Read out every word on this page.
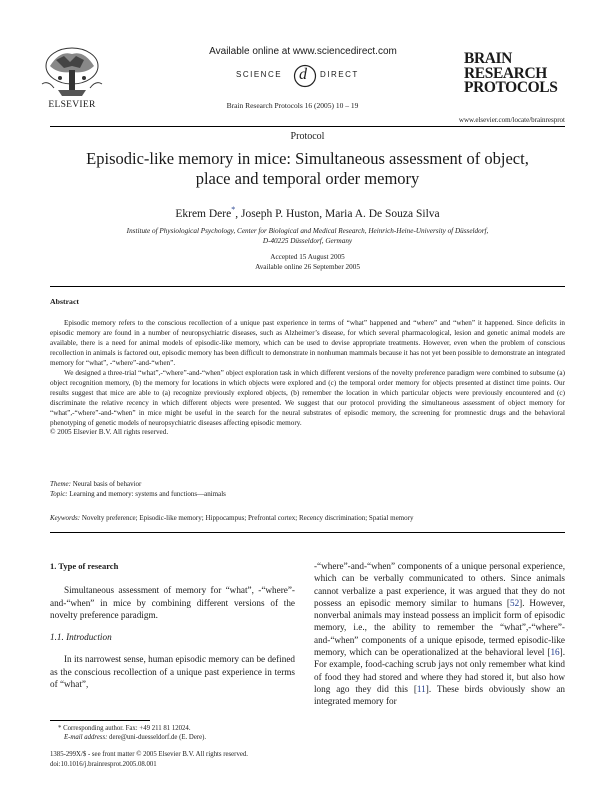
ELSEVIER
Available online at www.sciencedirect.com
SCIENCE d DIRECT
Brain Research Protocols 16 (2005) 10 – 19
BRAIN
RESEARCH
PROTOCOLS
www.elsevier.com/locate/brainresprot
Protocol
Episodic-like memory in mice: Simultaneous assessment of object,
place and temporal order memory
Ekrem Dere*, Joseph P. Huston, Maria A. De Souza Silva
Institute of Physiological Psychology, Center for Biological and Medical Research, Heinrich-Heine-University of Düsseldorf,
D-40225 Düsseldorf, Germany
Accepted 15 August 2005
Available online 26 September 2005
Abstract

Episodic memory refers to the conscious recollection of a unique past experience in terms of “what” happened and “where” and “when” it happened. Since deficits in episodic memory are found in a number of neuropsychiatric diseases, such as Alzheimer’s disease, for which several pharmacological, lesion and genetic animal models are available, there is a need for animal models of episodic-like memory, which can be used to devise appropriate treatments. However, even when the problem of conscious recollection in animals is factored out, episodic memory has been difficult to demonstrate in nonhuman mammals because it has not yet been possible to demonstrate an integrated memory for “what”, -“where”-and-“when”.

We designed a three-trial “what”,-“where”-and-“when” object exploration task in which different versions of the novelty preference paradigm were combined to subsume (a) object recognition memory, (b) the memory for locations in which objects were explored and (c) the temporal order memory for objects presented at distinct time points. Our results suggest that mice are able to (a) recognize previously explored objects, (b) remember the location in which particular objects were previously encountered and (c) discriminate the relative recency in which different objects were presented. We suggest that our protocol providing the simultaneous assessment of object memory for “what”,-“where”-and-“when” in mice might be useful in the search for the neural substrates of episodic memory, the screening for promnestic drugs and the behavioral phenotyping of genetic models of neuropsychiatric diseases affecting episodic memory.

© 2005 Elsevier B.V. All rights reserved.

Theme: Neural basis of behavior
Topic: Learning and memory: systems and functions—animals
Keywords: Novelty preference; Episodic-like memory; Hippocampus; Prefrontal cortex; Recency discrimination; Spatial memory
1. Type of research

Simultaneous assessment of memory for “what”, -“where”-and-“when” in mice by combining different versions of the novelty preference paradigm.

1.1. Introduction

In its narrowest sense, human episodic memory can be defined as the conscious recollection of a unique past experience in terms of “what”,

-“where”-and-“when” components of a unique personal experience, which can be verbally communicated to others. Since animals cannot verbalize a past experience, it was argued that they do not possess an episodic memory similar to humans [52]. However, nonverbal animals may instead possess an implicit form of episodic memory, i.e., the ability to remember the “what”,-“where”-and-“when” components of a unique episode, termed episodic-like memory, which can be operationalized at the behavioral level [16]. For example, food-caching scrub jays not only remember what kind of food they had stored and where they had stored it, but also how long ago they did this [11]. These birds obviously show an integrated memory for

* Corresponding author. Fax: +49 211 81 12024.

E-mail address: dere@uni-duesseldorf.de (E. Dere).

1385-299X/$ - see front matter © 2005 Elsevier B.V. All rights reserved.
doi:10.1016/j.brainresprot.2005.08.001
